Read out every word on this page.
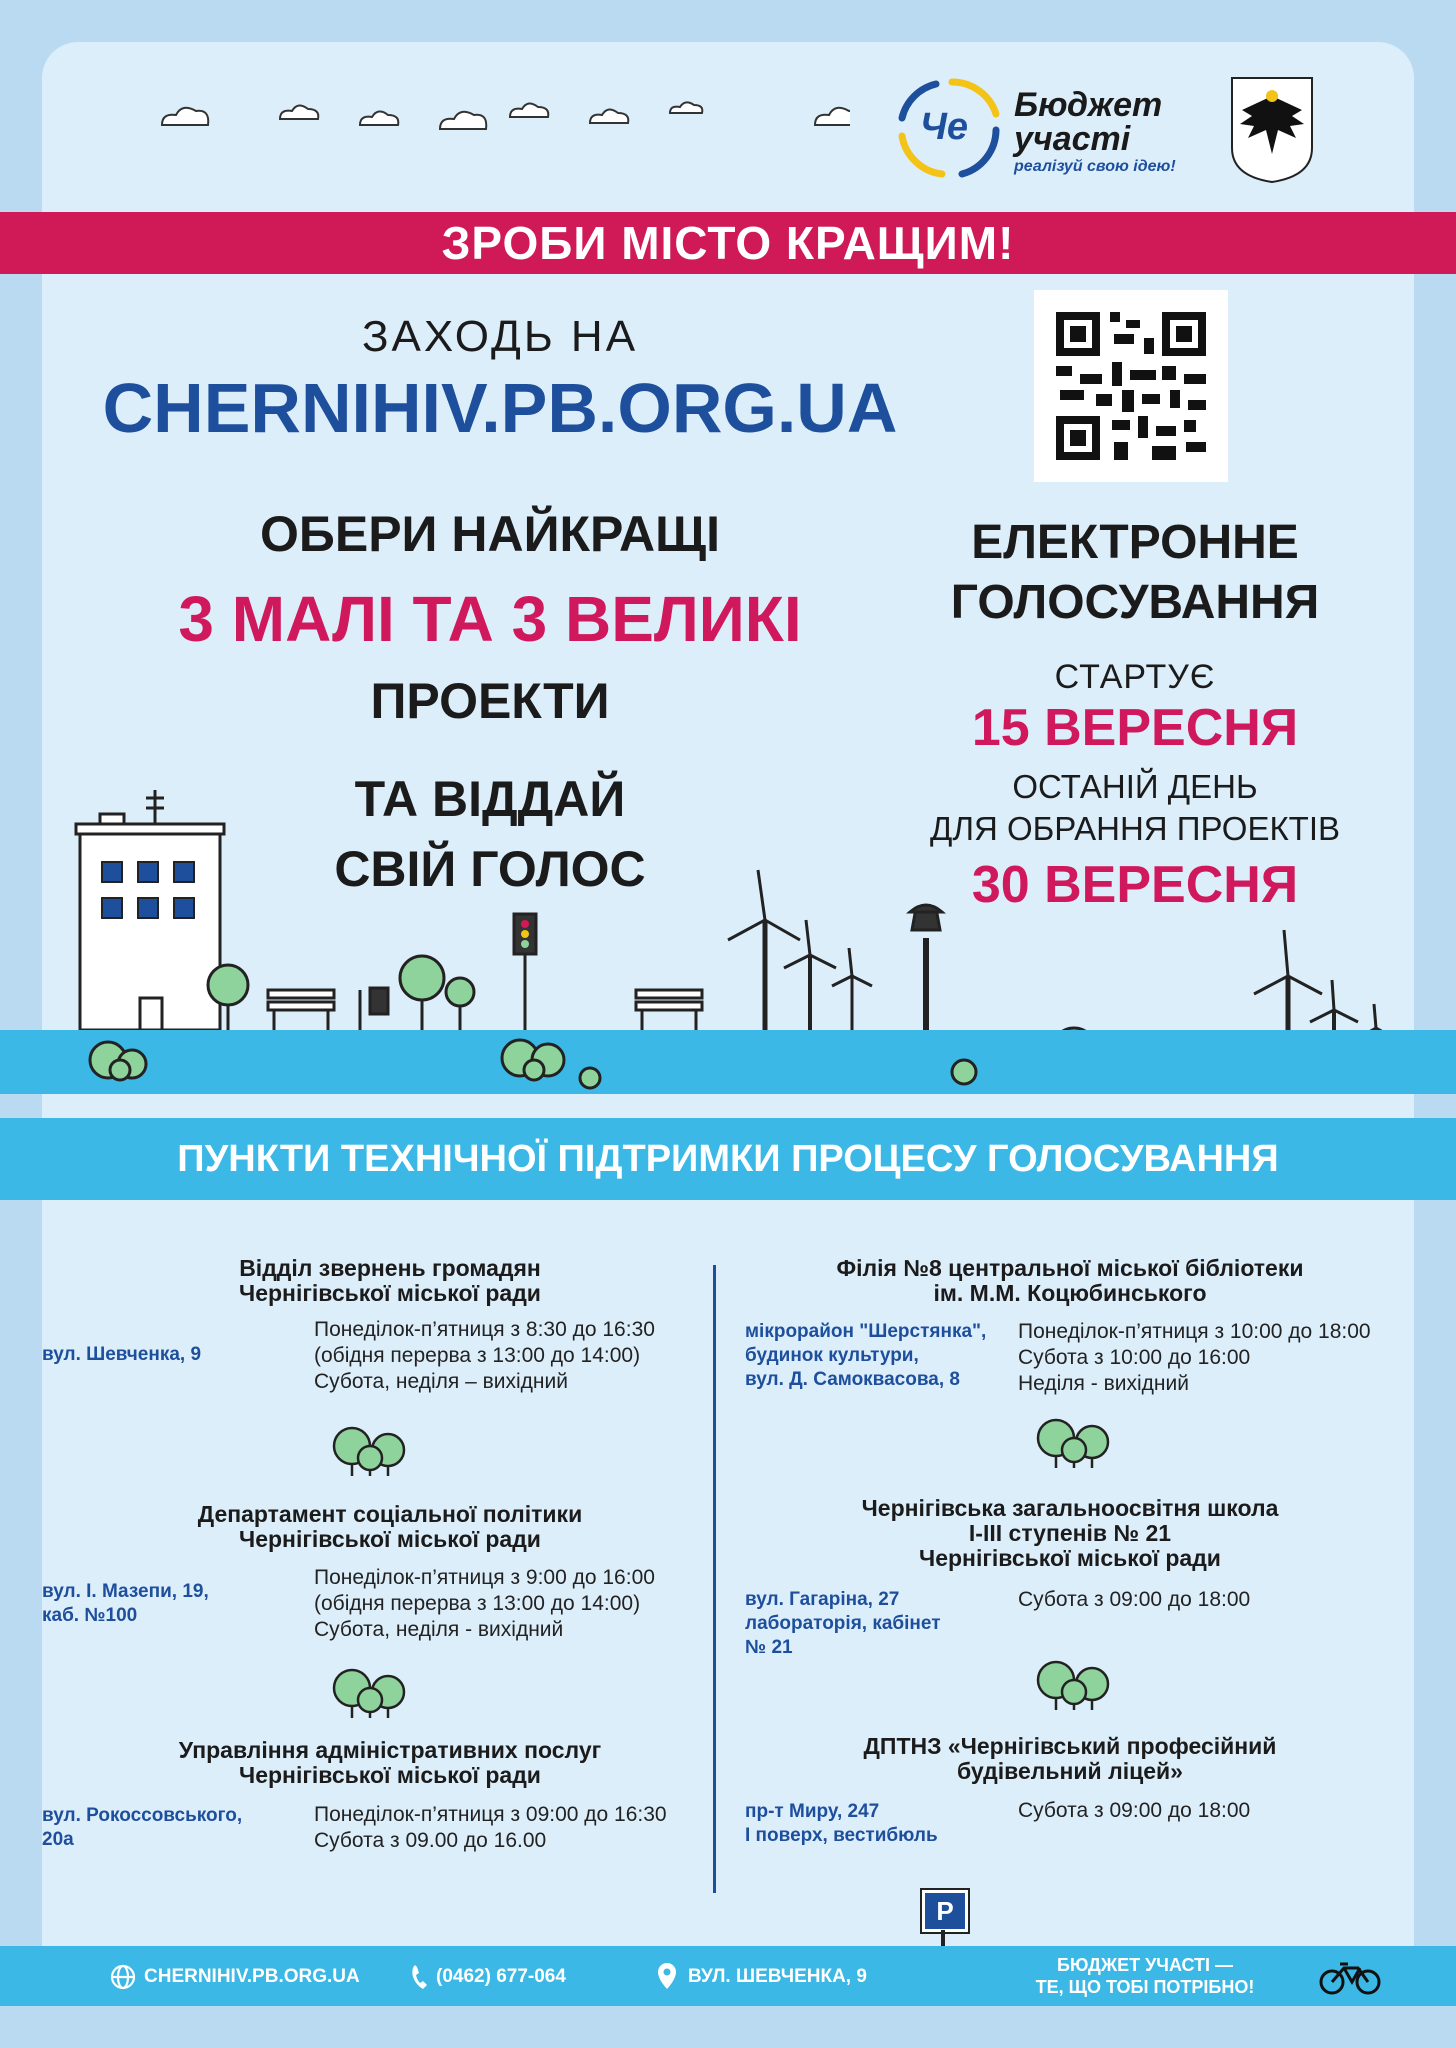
Че
Бюджет
участі
реалізуй свою ідею!
ЗРОБИ МІСТО КРАЩИМ!
ЗАХОДЬ НА
CHERNIHIV.PB.ORG.UA
ОБЕРИ НАЙКРАЩІ
3 МАЛІ ТА 3 ВЕЛИКІ
ПРОЕКТИ
ТА ВІДДАЙ
СВІЙ ГОЛОС
ЕЛЕКТРОННЕ
ГОЛОСУВАННЯ
СТАРТУЄ
15 ВЕРЕСНЯ
ОСТАНІЙ ДЕНЬ
ДЛЯ ОБРАННЯ ПРОЕКТІВ
30 ВЕРЕСНЯ
ПУНКТИ ТЕХНІЧНОЇ ПІДТРИМКИ ПРОЦЕСУ ГОЛОСУВАННЯ
Відділ звернень громадян
Чернігівської міської ради
вул. Шевченка, 9
Понеділок-п’ятниця з 8:30 до 16:30
(обідня перерва з 13:00 до 14:00)
Субота, неділя – вихідний
Департамент соціальної політики
Чернігівської міської ради
вул. І. Мазепи, 19,
каб. №100
Понеділок-п’ятниця з 9:00 до 16:00
(обідня перерва з 13:00 до 14:00)
Субота, неділя - вихідний
Управління адміністративних послуг
Чернігівської міської ради
вул. Рокоссовського,
20а
Понеділок-п’ятниця з 09:00 до 16:30
Субота з 09.00 до 16.00
Філія №8 центральної міської бібліотеки
ім. М.М. Коцюбинського
мікрорайон "Шерстянка",
будинок культури,
вул. Д. Самоквасова, 8
Понеділок-п’ятниця з 10:00 до 18:00
Субота з 10:00 до 16:00
Неділя - вихідний
Чернігівська загальноосвітня школа
І-ІІІ ступенів № 21
Чернігівської міської ради
вул. Гагаріна, 27
лабораторія, кабінет
№ 21
Субота з 09:00 до 18:00
ДПТНЗ «Чернігівський професійний
будівельний ліцей»
пр-т Миру, 247
І поверх, вестибюль
Субота з 09:00 до 18:00
P
CHERNIHIV.PB.ORG.UA	(0462) 677-064	ВУЛ. ШЕВЧЕНКА, 9
БЮДЖЕТ УЧАСТІ —
ТЕ, ЩО ТОБІ ПОТРІБНО!
